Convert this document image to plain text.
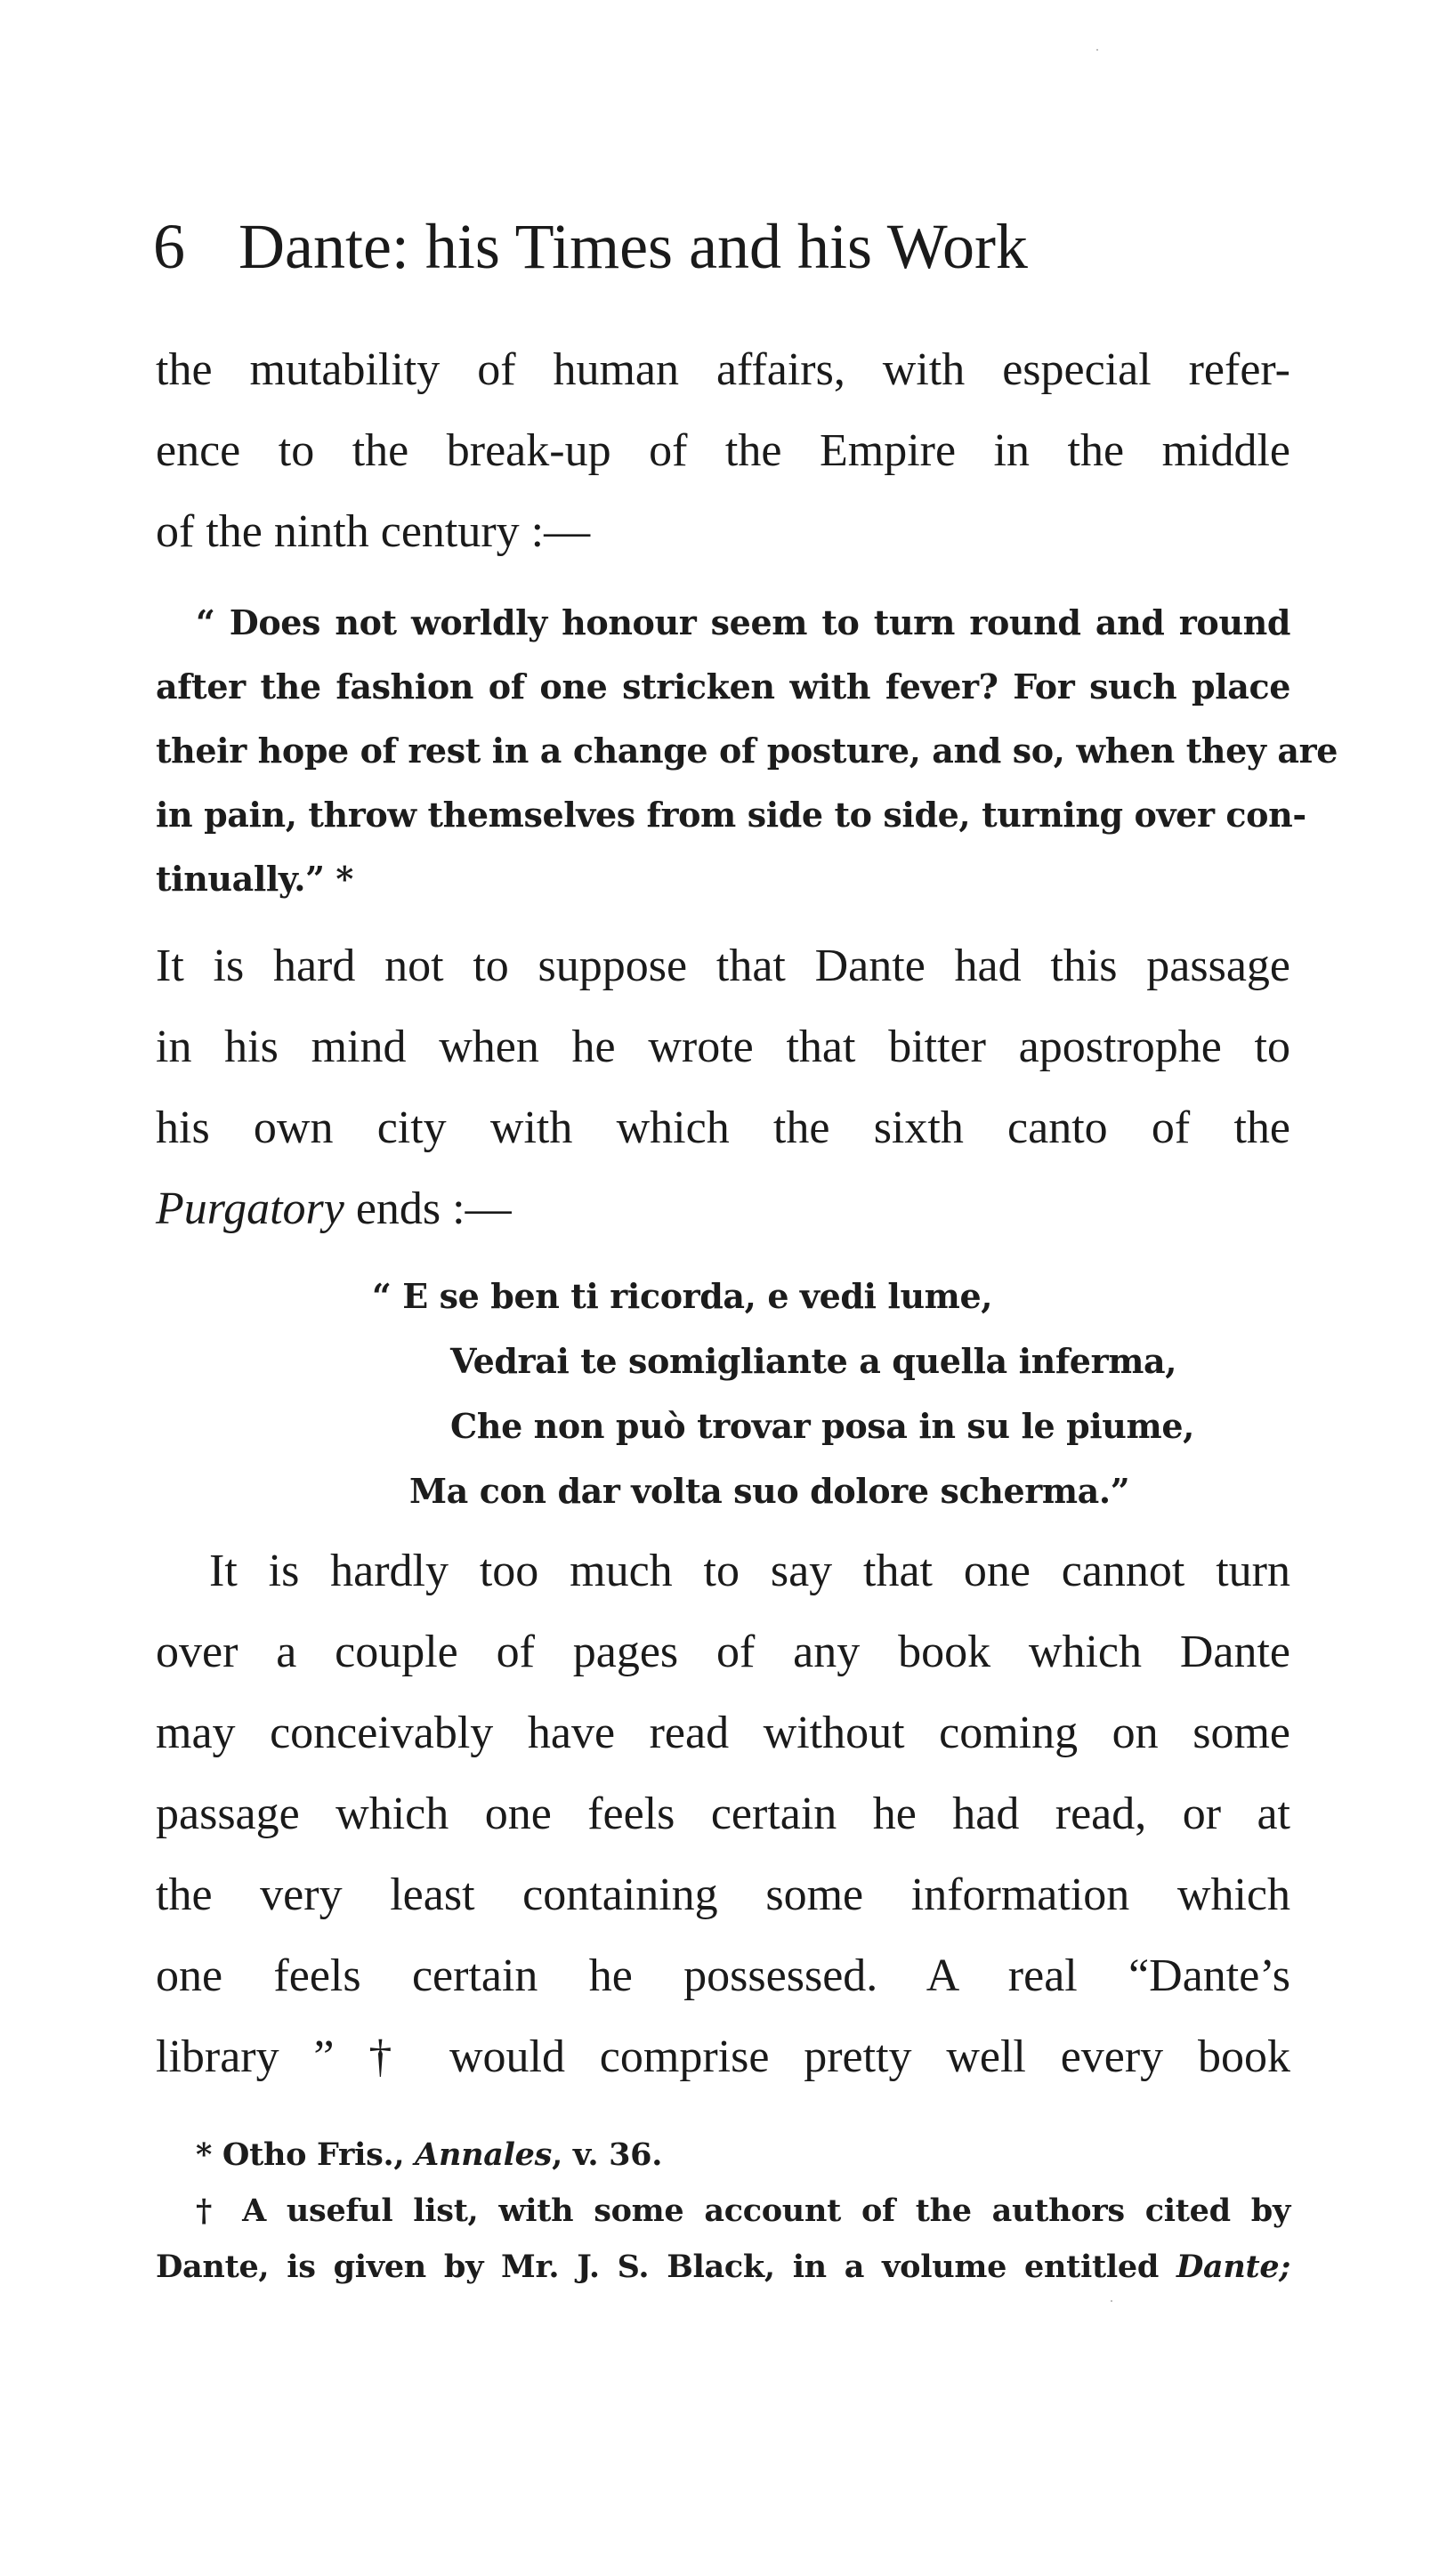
6 Dante: his Times and his Work
the mutability of human affairs, with especial refer-
ence to the break-up of the Empire in the middle
of the ninth century :—
“ Does not worldly honour seem to turn round and round
after the fashion of one stricken with fever? For such place
their hope of rest in a change of posture, and so, when they are
in pain, throw themselves from side to side, turning over con-
tinually.” *
It is hard not to suppose that Dante had this passage
in his mind when he wrote that bitter apostrophe to
his own city with which the sixth canto of the
Purgatory ends :—
“ E se ben ti ricorda, e vedi lume,
Vedrai te somigliante a quella inferma,
Che non può trovar posa in su le piume,
Ma con dar volta suo dolore scherma.”
It is hardly too much to say that one cannot turn
over a couple of pages of any book which Dante
may conceivably have read without coming on some
passage which one feels certain he had read, or at
the very least containing some information which
one feels certain he possessed. A real “Dante’s
library ” † would comprise pretty well every book
* Otho Fris., Annales, v. 36.
† A useful list, with some account of the authors cited by
Dante, is given by Mr. J. S. Black, in a volume entitled Dante;
